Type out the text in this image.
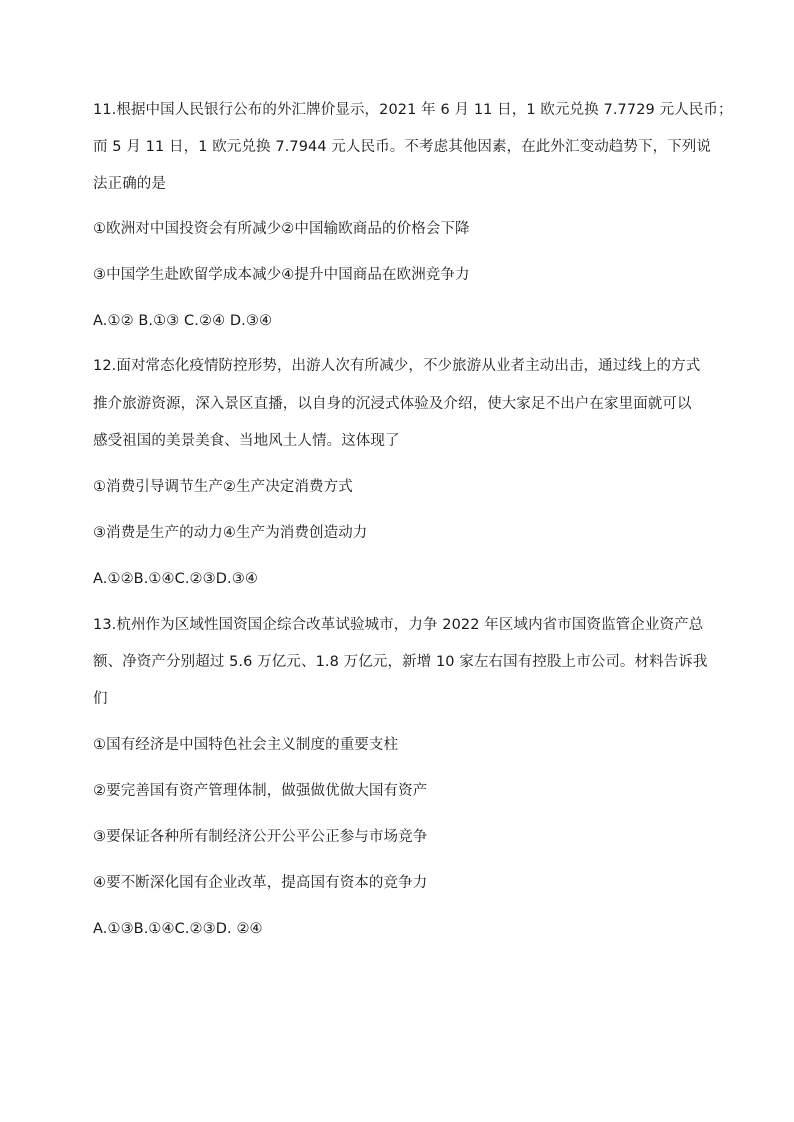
11.根据中国人民银行公布的外汇牌价显示，2021 年 6 月 11 日，1 欧元兑换 7.7729 元人民币；
而 5 月 11 日，1 欧元兑换 7.7944 元人民币。不考虑其他因素，在此外汇变动趋势下，下列说
法正确的是
①欧洲对中国投资会有所减少②中国输欧商品的价格会下降
③中国学生赴欧留学成本减少④提升中国商品在欧洲竞争力
A.①② B.①③ C.②④ D.③④
12.面对常态化疫情防控形势，出游人次有所减少，不少旅游从业者主动出击，通过线上的方式
推介旅游资源，深入景区直播，以自身的沉浸式体验及介绍，使大家足不出户在家里面就可以
感受祖国的美景美食、当地风土人情。这体现了
①消费引导调节生产②生产决定消费方式
③消费是生产的动力④生产为消费创造动力
A.①②B.①④C.②③D.③④
13.杭州作为区域性国资国企综合改革试验城市，力争 2022 年区域内省市国资监管企业资产总
额、净资产分别超过 5.6 万亿元、1.8 万亿元，新增 10 家左右国有控股上市公司。材料告诉我
们
①国有经济是中国特色社会主义制度的重要支柱
②要完善国有资产管理体制，做强做优做大国有资产
③要保证各种所有制经济公开公平公正参与市场竞争
④要不断深化国有企业改革，提高国有资本的竞争力
A.①③B.①④C.②③D. ②④
